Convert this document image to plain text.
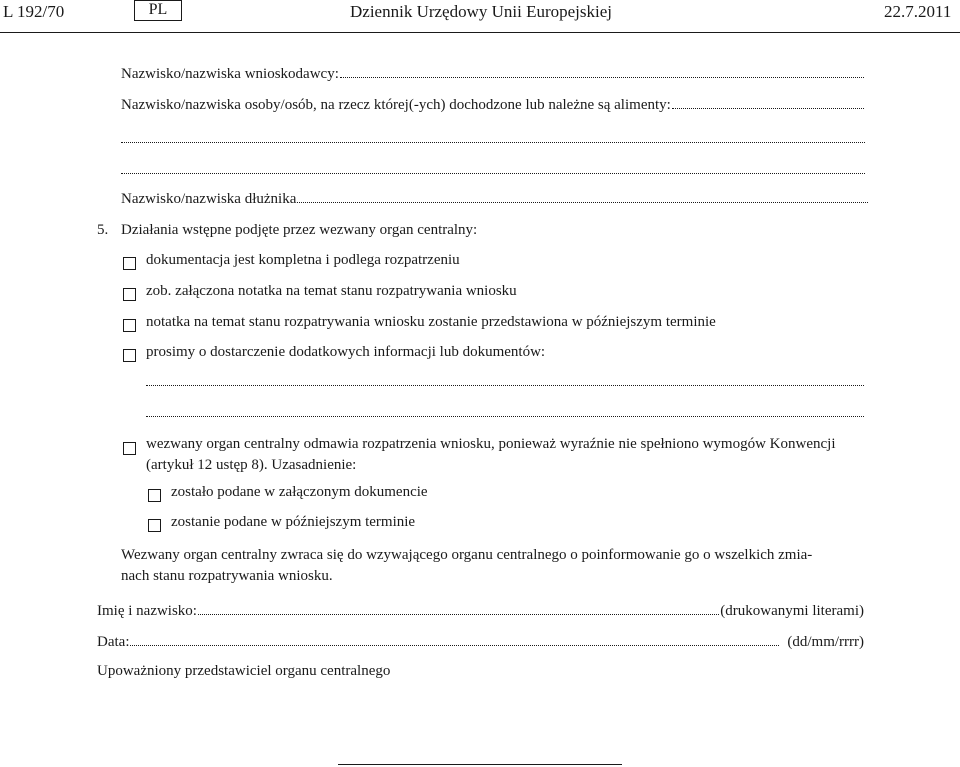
L 192/70	PL	Dziennik Urzędowy Unii Europejskiej	22.7.2011
Nazwisko/nazwiska wnioskodawcy:
Nazwisko/nazwiska osoby/osób, na rzecz której(-ych) dochodzone lub należne są alimenty:
Nazwisko/nazwiska dłużnika
5. Działania wstępne podjęte przez wezwany organ centralny:
dokumentacja jest kompletna i podlega rozpatrzeniu
zob. załączona notatka na temat stanu rozpatrywania wniosku
notatka na temat stanu rozpatrywania wniosku zostanie przedstawiona w późniejszym terminie
prosimy o dostarczenie dodatkowych informacji lub dokumentów:
wezwany organ centralny odmawia rozpatrzenia wniosku, ponieważ wyraźnie nie spełniono wymogów Konwencji
(artykuł 12 ustęp 8). Uzasadnienie:
zostało podane w załączonym dokumencie
zostanie podane w późniejszym terminie
Wezwany organ centralny zwraca się do wzywającego organu centralnego o poinformowanie go o wszelkich zmia-
nach stanu rozpatrywania wniosku.
Imię i nazwisko:	(drukowanymi literami)
Data:	(dd/mm/rrrr)
Upoważniony przedstawiciel organu centralnego
